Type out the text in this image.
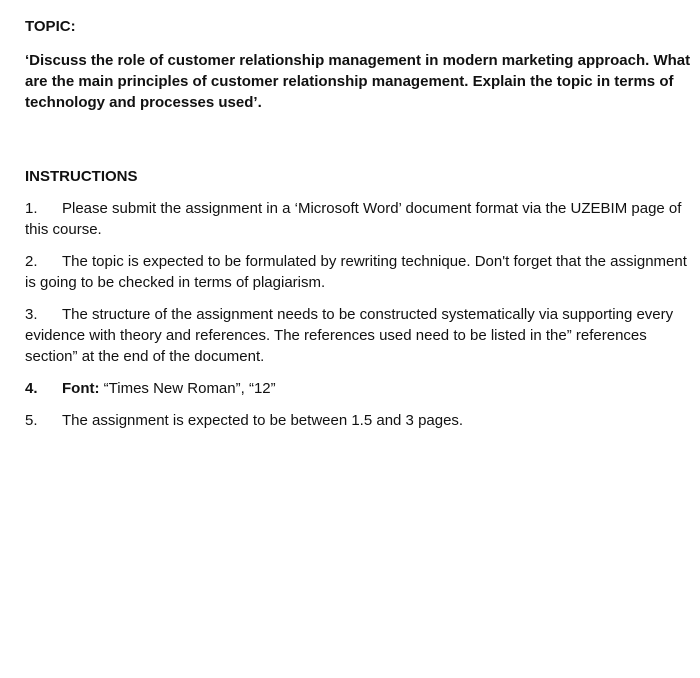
TOPIC:
‘Discuss the role of customer relationship management in modern marketing approach. What are the main principles of customer relationship management. Explain the topic in terms of technology and processes used’.
INSTRUCTIONS
1. Please submit the assignment in a ‘Microsoft Word’ document format via the UZEBIM page of this course.
2. The topic is expected to be formulated by rewriting technique. Don't forget that the assignment is going to be checked in terms of plagiarism.
3. The structure of the assignment needs to be constructed systematically via supporting every evidence with theory and references. The references used need to be listed in the” references section” at the end of the document.
4. Font: “Times New Roman”, “12”
5. The assignment is expected to be between 1.5 and 3 pages.
